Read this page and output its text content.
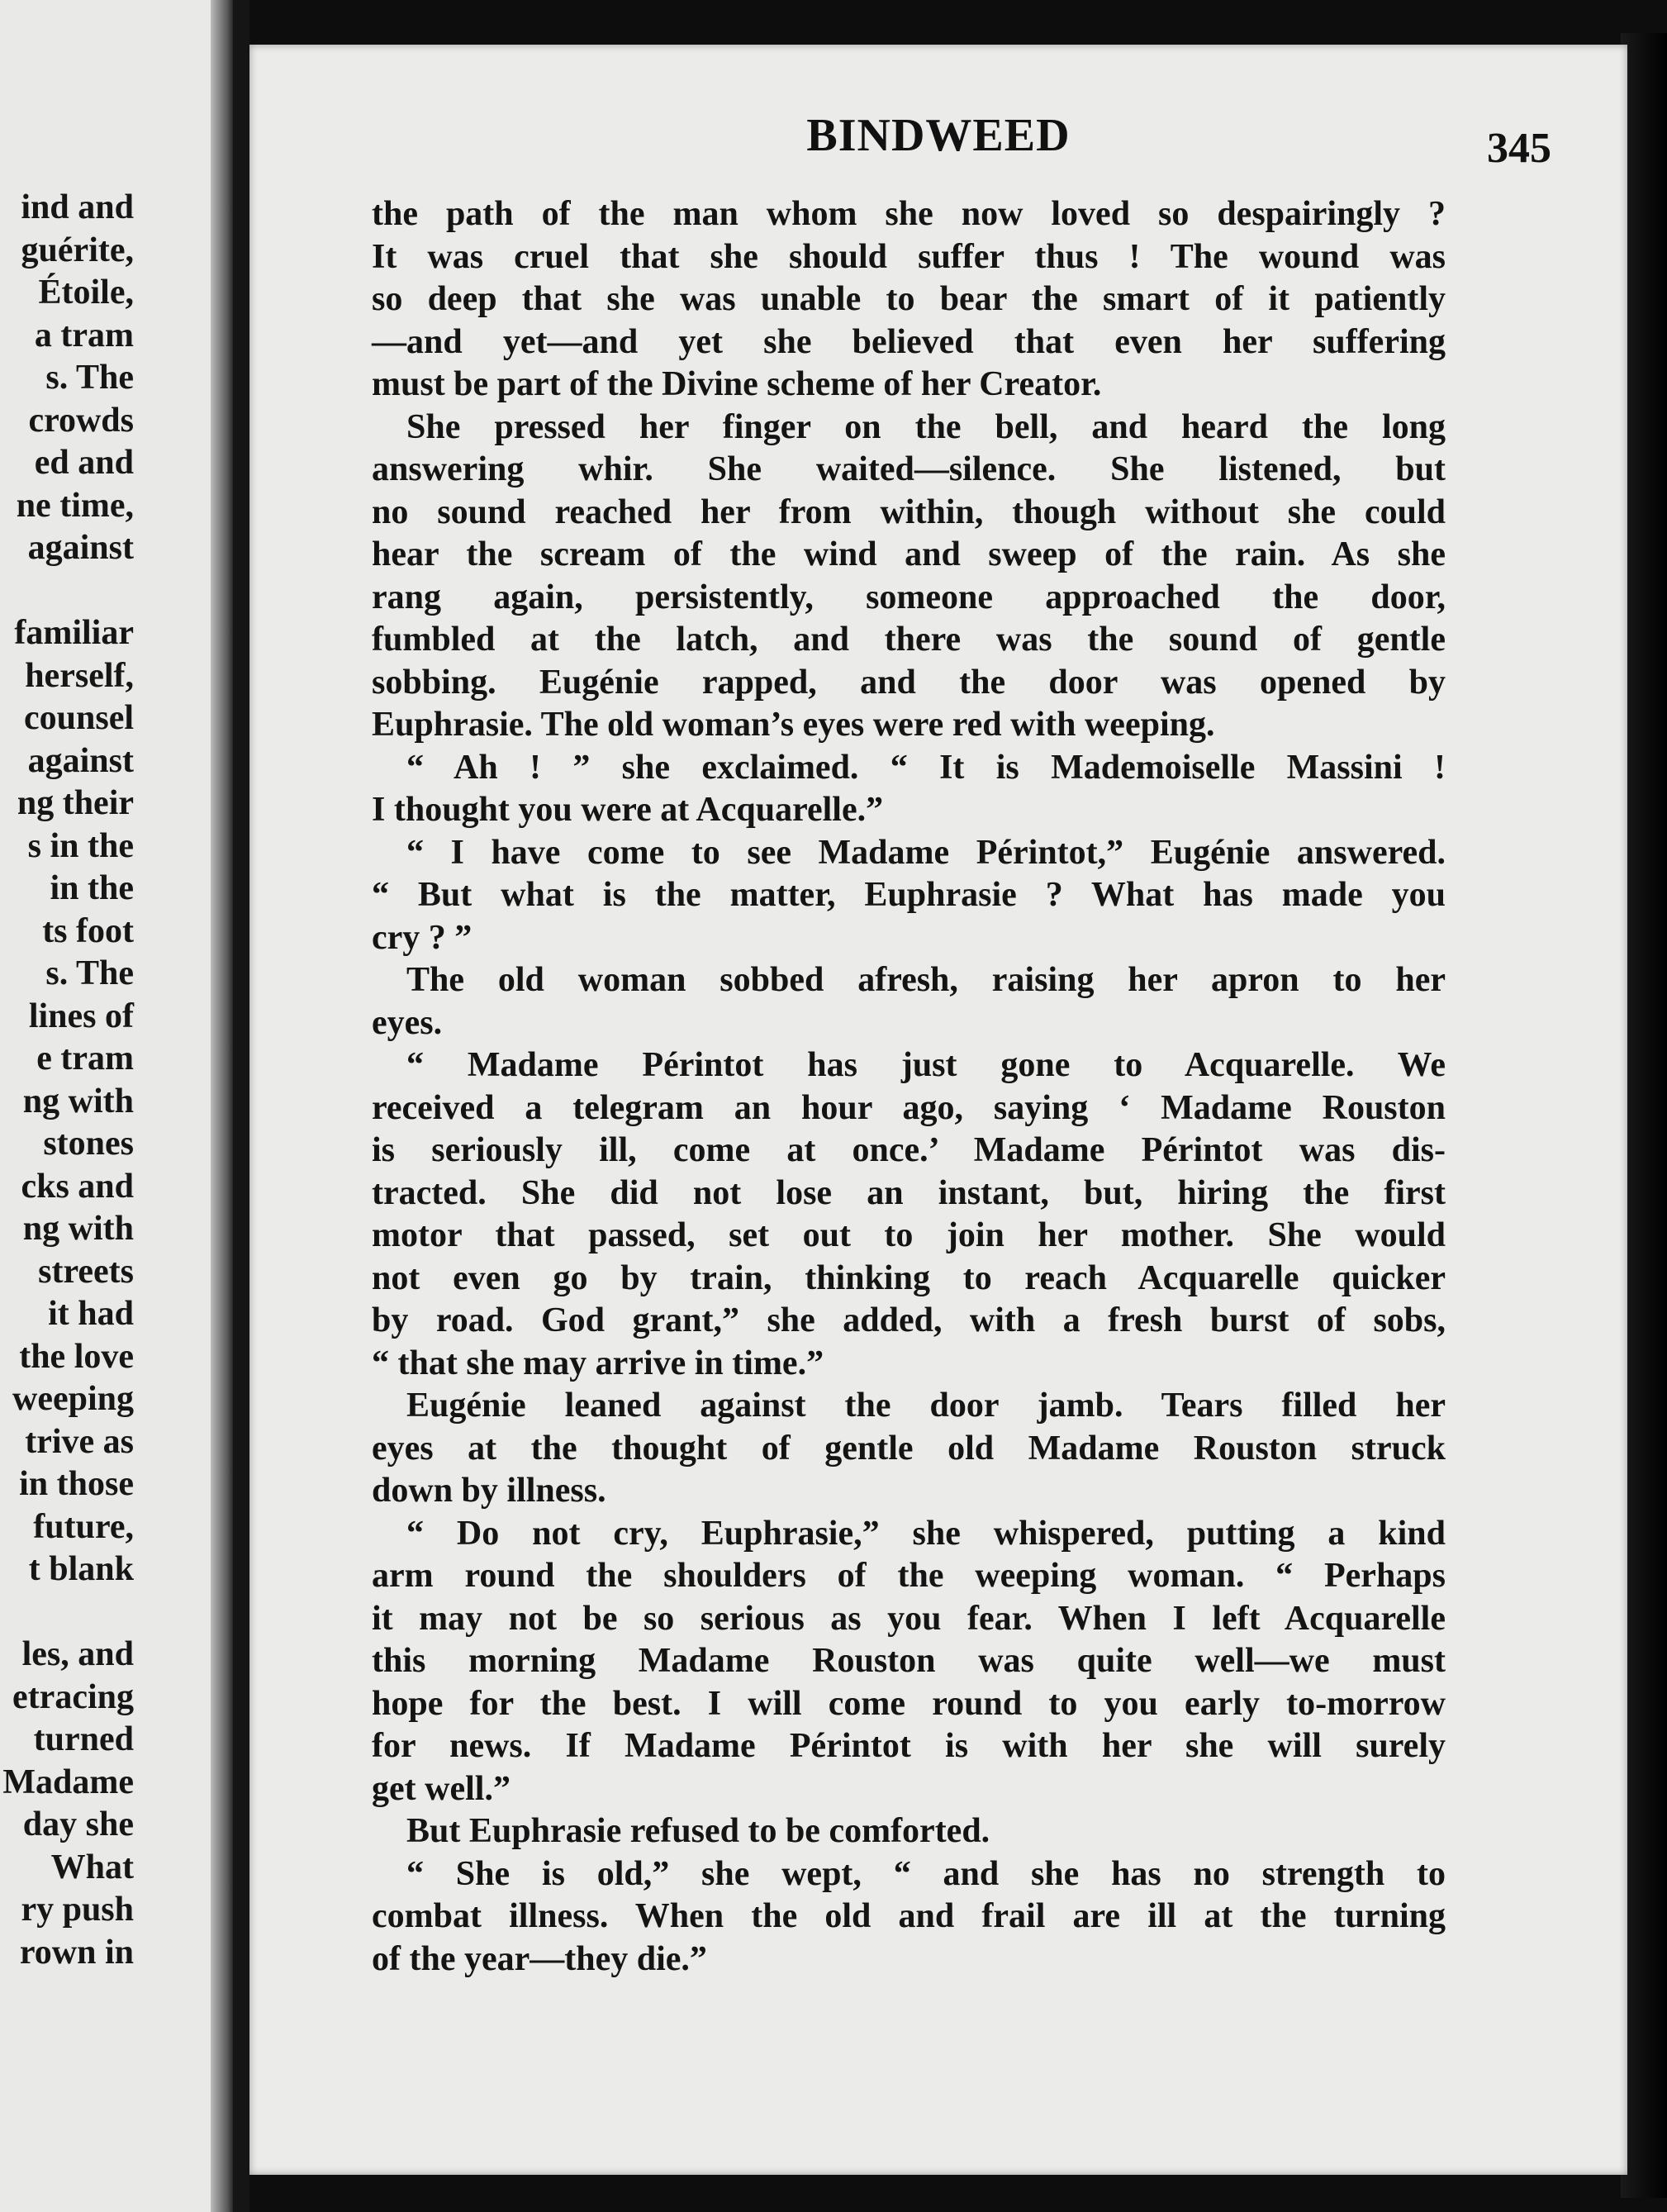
ind and
guérite,
Étoile,
a tram
s. The
crowds
ed and
ne time,
against
familiar
herself,
counsel
against
ng their
s in the
in the
ts foot
s. The
lines of
e tram
ng with
stones
cks and
ng with
streets
it had
the love
weeping
trive as
in those
future,
t blank
les, and
etracing
turned
Madame
day she
What
ry push
rown in
BINDWEED	345
the path of the man whom she now loved so despairingly ?
It was cruel that she should suffer thus ! The wound was
so deep that she was unable to bear the smart of it patiently
—and yet—and yet she believed that even her suffering
must be part of the Divine scheme of her Creator.
She pressed her finger on the bell, and heard the long
answering whir. She waited—silence. She listened, but
no sound reached her from within, though without she could
hear the scream of the wind and sweep of the rain. As she
rang again, persistently, someone approached the door,
fumbled at the latch, and there was the sound of gentle
sobbing. Eugénie rapped, and the door was opened by
Euphrasie. The old woman’s eyes were red with weeping.
“ Ah ! ” she exclaimed. “ It is Mademoiselle Massini !
I thought you were at Acquarelle.”
“ I have come to see Madame Périntot,” Eugénie answered.
“ But what is the matter, Euphrasie ? What has made you
cry ? ”
The old woman sobbed afresh, raising her apron to her
eyes.
“ Madame Périntot has just gone to Acquarelle. We
received a telegram an hour ago, saying ‘ Madame Rouston
is seriously ill, come at once.’ Madame Périntot was dis-
tracted. She did not lose an instant, but, hiring the first
motor that passed, set out to join her mother. She would
not even go by train, thinking to reach Acquarelle quicker
by road. God grant,” she added, with a fresh burst of sobs,
“ that she may arrive in time.”
Eugénie leaned against the door jamb. Tears filled her
eyes at the thought of gentle old Madame Rouston struck
down by illness.
“ Do not cry, Euphrasie,” she whispered, putting a kind
arm round the shoulders of the weeping woman. “ Perhaps
it may not be so serious as you fear. When I left Acquarelle
this morning Madame Rouston was quite well—we must
hope for the best. I will come round to you early to-morrow
for news. If Madame Périntot is with her she will surely
get well.”
But Euphrasie refused to be comforted.
“ She is old,” she wept, “ and she has no strength to
combat illness. When the old and frail are ill at the turning
of the year—they die.”
